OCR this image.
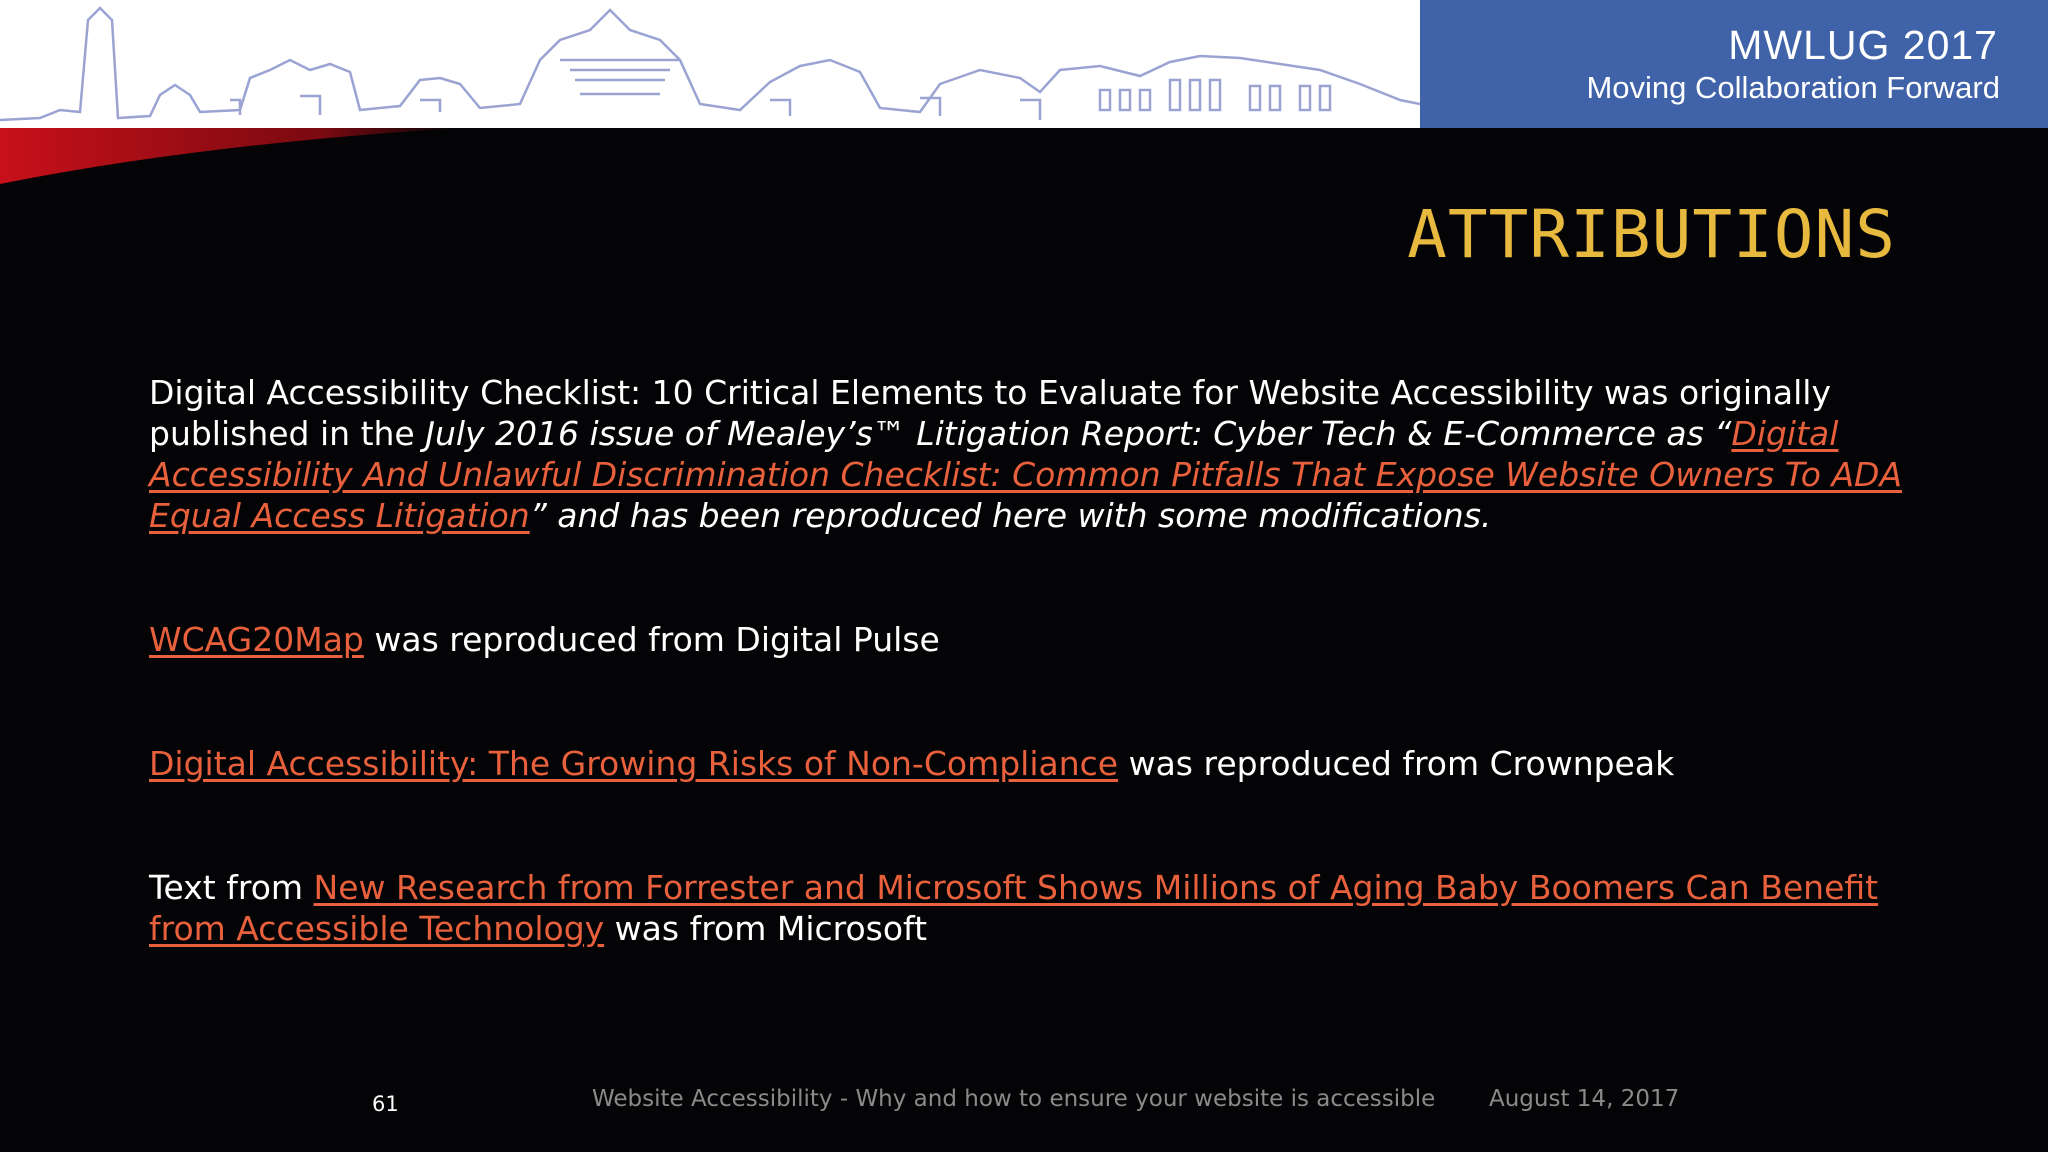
MWLUG 2017
Moving Collaboration Forward
ATTRIBUTIONS

Digital Accessibility Checklist: 10 Critical Elements to Evaluate for Website Accessibility was originally published in the July 2016 issue of Mealey’s™ Litigation Report: Cyber Tech & E-Commerce as “Digital Accessibility And Unlawful Discrimination Checklist: Common Pitfalls That Expose Website Owners To ADA Equal Access Litigation” and has been reproduced here with some modifications.

WCAG20Map was reproduced from Digital Pulse

Digital Accessibility: The Growing Risks of Non-Compliance was reproduced from Crownpeak

Text from New Research from Forrester and Microsoft Shows Millions of Aging Baby Boomers Can Benefit from Accessible Technology was from Microsoft

61	Website Accessibility - Why and how to ensure your website is accessible August 14, 2017
